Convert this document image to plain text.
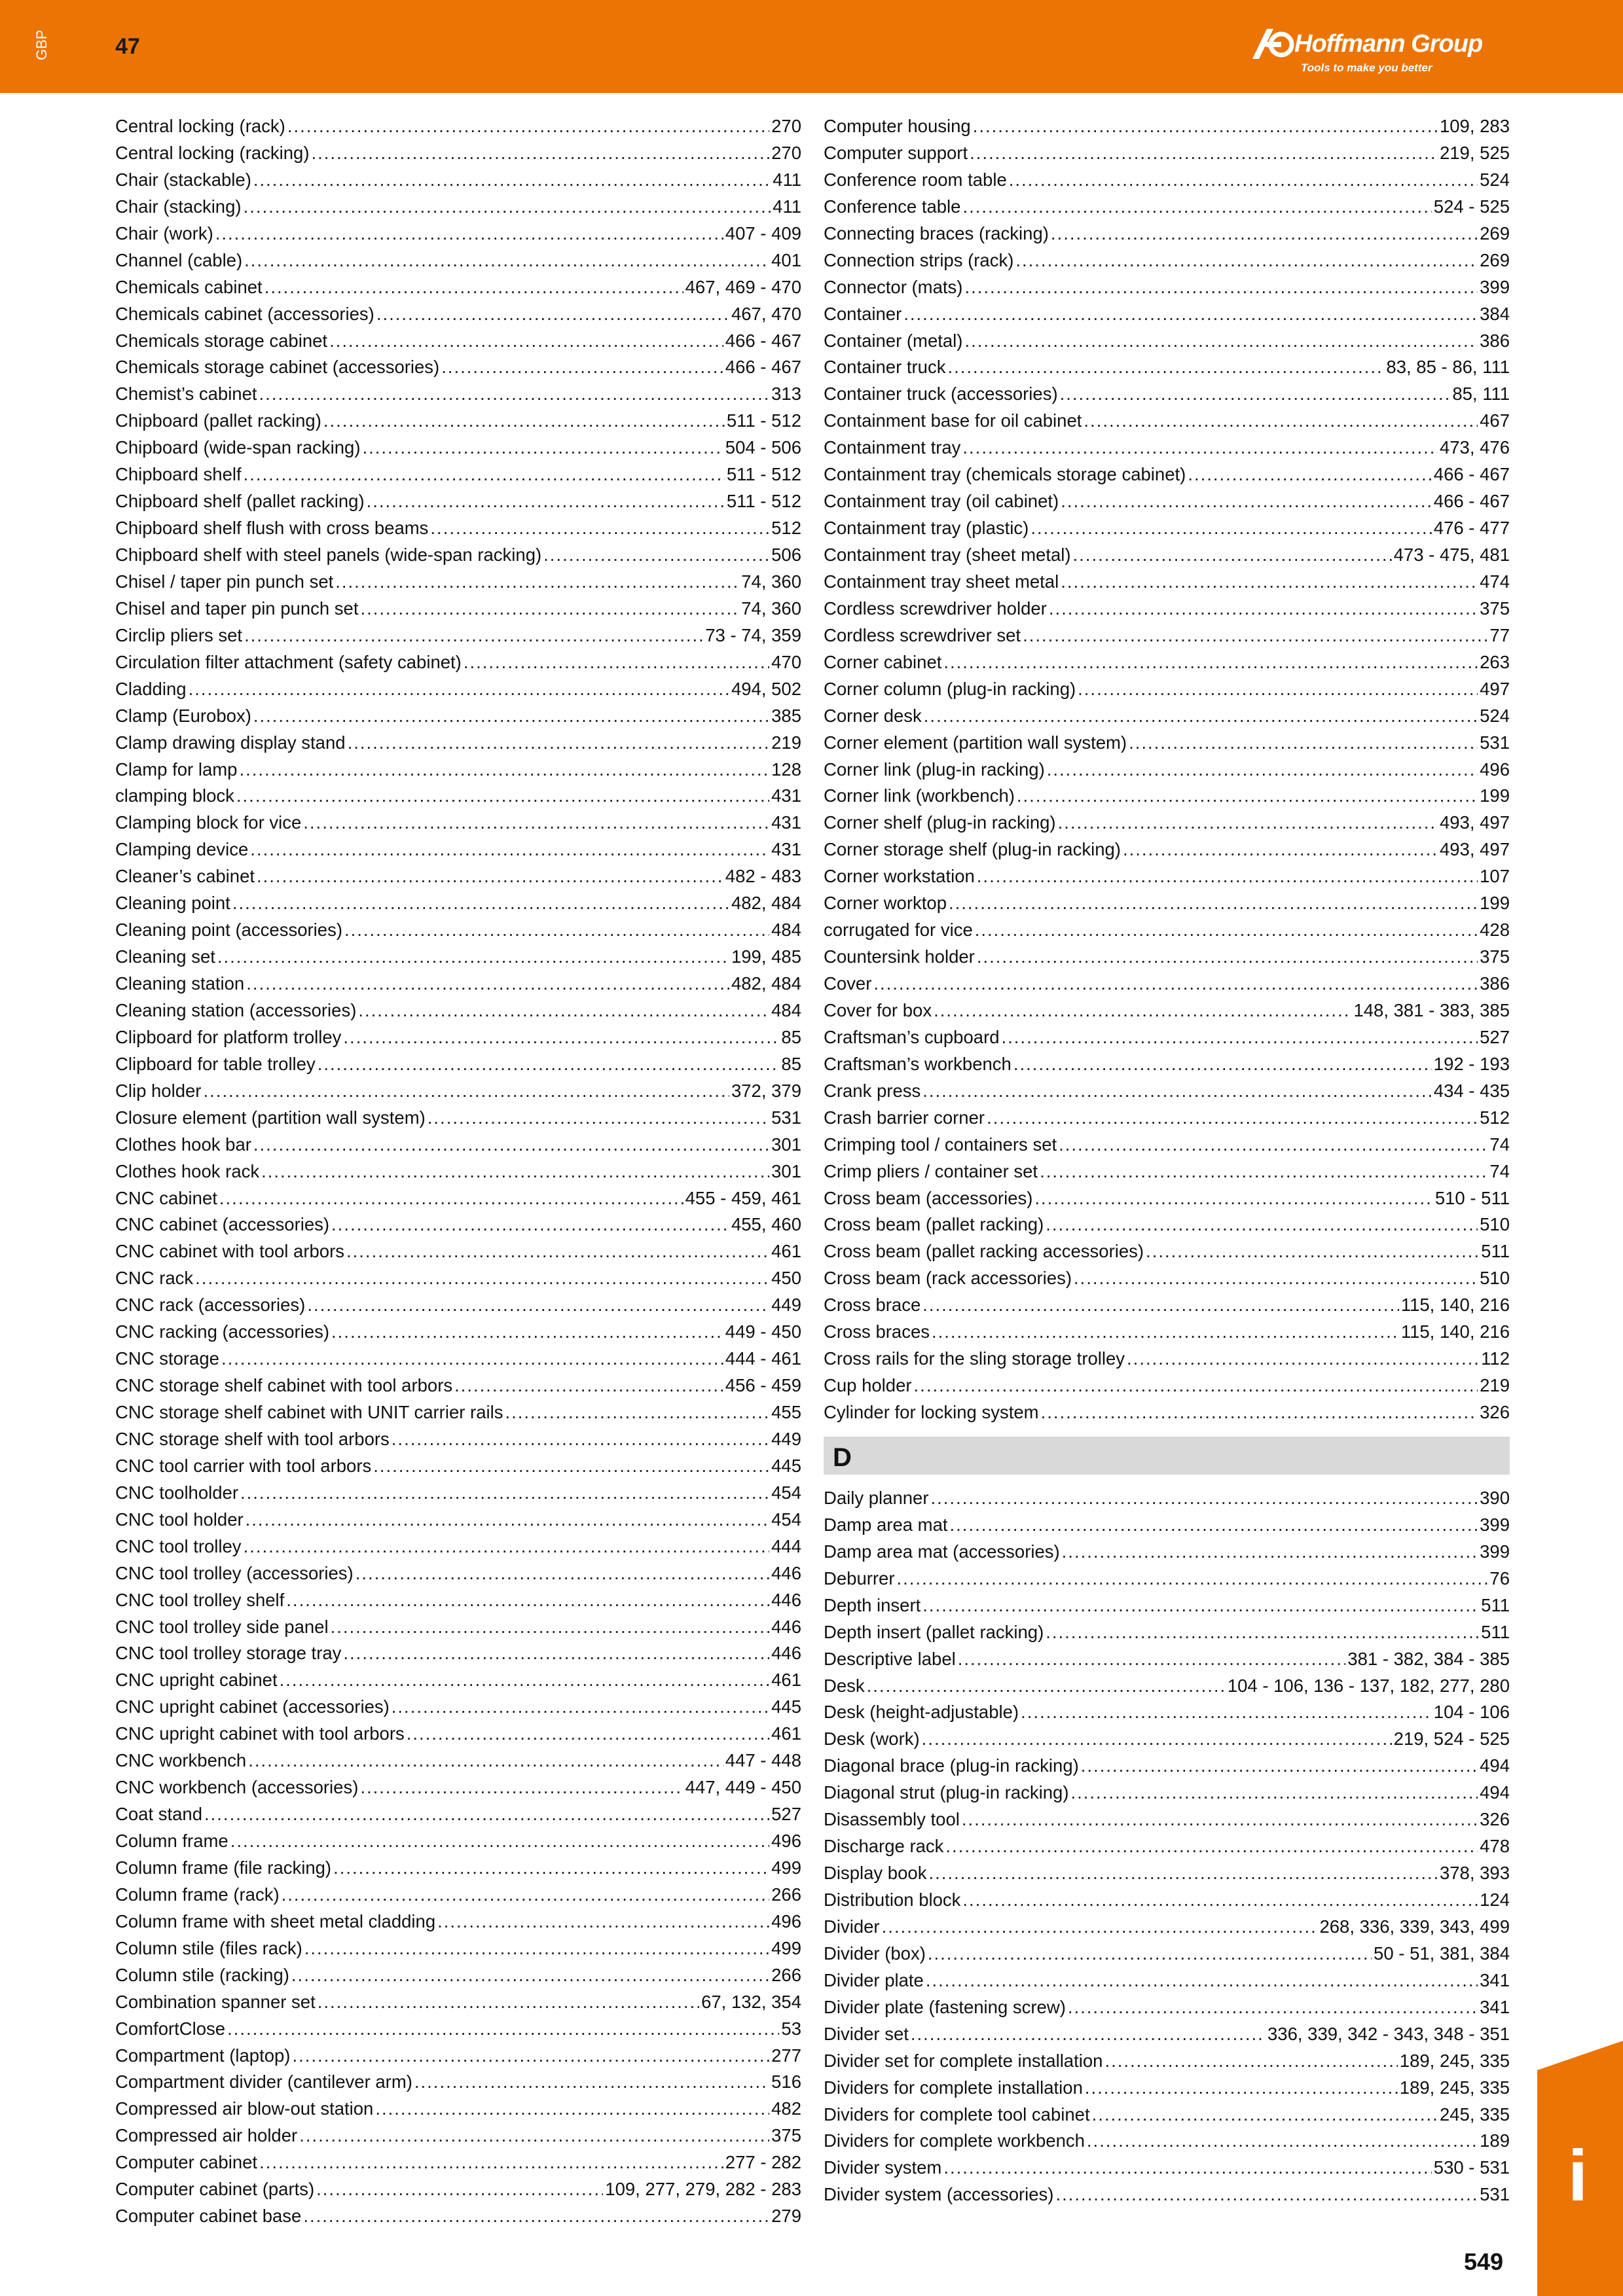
GBP	47	Hoffmann Group
Tools to make you better
Central locking (rack) .....	270
Central locking (racking) .....	270
Chair (stackable) .....	411
Chair (stacking) .....	411
Chair (work) .....	407 - 409
Channel (cable) .....	401
Chemicals cabinet .....	467, 469 - 470
Chemicals cabinet (accessories) .....	467, 470
Chemicals storage cabinet .....	466 - 467
Chemicals storage cabinet (accessories) .....	466 - 467
Chemist’s cabinet .....	313
Chipboard (pallet racking) .....	511 - 512
Chipboard (wide-span racking) .....	504 - 506
Chipboard shelf .....	511 - 512
Chipboard shelf (pallet racking) .....	511 - 512
Chipboard shelf flush with cross beams .....	512
Chipboard shelf with steel panels (wide-span racking) .....	506
Chisel / taper pin punch set .....	74, 360
Chisel and taper pin punch set .....	74, 360
Circlip pliers set .....	73 - 74, 359
Circulation filter attachment (safety cabinet) .....	470
Cladding .....	494, 502
Clamp (Eurobox) .....	385
Clamp drawing display stand .....	219
Clamp for lamp .....	128
clamping block .....	431
Clamping block for vice .....	431
Clamping device .....	431
Cleaner’s cabinet .....	482 - 483
Cleaning point .....	482, 484
Cleaning point (accessories) .....	484
Cleaning set .....	199, 485
Cleaning station .....	482, 484
Cleaning station (accessories) .....	484
Clipboard for platform trolley .....	85
Clipboard for table trolley .....	85
Clip holder .....	372, 379
Closure element (partition wall system) .....	531
Clothes hook bar .....	301
Clothes hook rack .....	301
CNC cabinet .....	455 - 459, 461
CNC cabinet (accessories) .....	455, 460
CNC cabinet with tool arbors .....	461
CNC rack .....	450
CNC rack (accessories) .....	449
CNC racking (accessories) .....	449 - 450
CNC storage .....	444 - 461
CNC storage shelf cabinet with tool arbors .....	456 - 459
CNC storage shelf cabinet with UNIT carrier rails .....	455
CNC storage shelf with tool arbors .....	449
CNC tool carrier with tool arbors .....	445
CNC toolholder .....	454
CNC tool holder .....	454
CNC tool trolley .....	444
CNC tool trolley (accessories) .....	446
CNC tool trolley shelf .....	446
CNC tool trolley side panel .....	446
CNC tool trolley storage tray .....	446
CNC upright cabinet .....	461
CNC upright cabinet (accessories) .....	445
CNC upright cabinet with tool arbors .....	461
CNC workbench .....	447 - 448
CNC workbench (accessories) .....	447, 449 - 450
Coat stand .....	527
Column frame .....	496
Column frame (file racking) .....	499
Column frame (rack) .....	266
Column frame with sheet metal cladding .....	496
Column stile (files rack) .....	499
Column stile (racking) .....	266
Combination spanner set .....	67, 132, 354
ComfortClose .....	53
Compartment (laptop) .....	277
Compartment divider (cantilever arm) .....	516
Compressed air blow-out station .....	482
Compressed air holder .....	375
Computer cabinet .....	277 - 282
Computer cabinet (parts) .....	109, 277, 279, 282 - 283
Computer cabinet base .....	279
Computer housing .....	109, 283
Computer support .....	219, 525
Conference room table .....	524
Conference table .....	524 - 525
Connecting braces (racking) .....	269
Connection strips (rack) .....	269
Connector (mats) .....	399
Container .....	384
Container (metal) .....	386
Container truck .....	83, 85 - 86, 111
Container truck (accessories) .....	85, 111
Containment base for oil cabinet .....	467
Containment tray .....	473, 476
Containment tray (chemicals storage cabinet) .....	466 - 467
Containment tray (oil cabinet) .....	466 - 467
Containment tray (plastic) .....	476 - 477
Containment tray (sheet metal) .....	473 - 475, 481
Containment tray sheet metal .....	474
Cordless screwdriver holder .....	375
Cordless screwdriver set .....	77
Corner cabinet .....	263
Corner column (plug-in racking) .....	497
Corner desk .....	524
Corner element (partition wall system) .....	531
Corner link (plug-in racking) .....	496
Corner link (workbench) .....	199
Corner shelf (plug-in racking) .....	493, 497
Corner storage shelf (plug-in racking) .....	493, 497
Corner workstation .....	107
Corner worktop .....	199
corrugated for vice .....	428
Countersink holder .....	375
Cover .....	386
Cover for box .....	148, 381 - 383, 385
Craftsman’s cupboard .....	527
Craftsman’s workbench .....	192 - 193
Crank press .....	434 - 435
Crash barrier corner .....	512
Crimping tool / containers set .....	74
Crimp pliers / container set .....	74
Cross beam (accessories) .....	510 - 511
Cross beam (pallet racking) .....	510
Cross beam (pallet racking accessories) .....	511
Cross beam (rack accessories) .....	510
Cross brace .....	115, 140, 216
Cross braces .....	115, 140, 216
Cross rails for the sling storage trolley .....	112
Cup holder .....	219
Cylinder for locking system .....	326
D
Daily planner .....	390
Damp area mat .....	399
Damp area mat (accessories) .....	399
Deburrer .....	76
Depth insert .....	511
Depth insert (pallet racking) .....	511
Descriptive label .....	381 - 382, 384 - 385
Desk .....	104 - 106, 136 - 137, 182, 277, 280
Desk (height-adjustable) .....	104 - 106
Desk (work) .....	219, 524 - 525
Diagonal brace (plug-in racking) .....	494
Diagonal strut (plug-in racking) .....	494
Disassembly tool .....	326
Discharge rack .....	478
Display book .....	378, 393
Distribution block .....	124
Divider .....	268, 336, 339, 343, 499
Divider (box) .....	50 - 51, 381, 384
Divider plate .....	341
Divider plate (fastening screw) .....	341
Divider set .....	336, 339, 342 - 343, 348 - 351
Divider set for complete installation .....	189, 245, 335
Dividers for complete installation .....	189, 245, 335
Dividers for complete tool cabinet .....	245, 335
Dividers for complete workbench .....	189
Divider system .....	530 - 531
Divider system (accessories) .....	531 i
549
